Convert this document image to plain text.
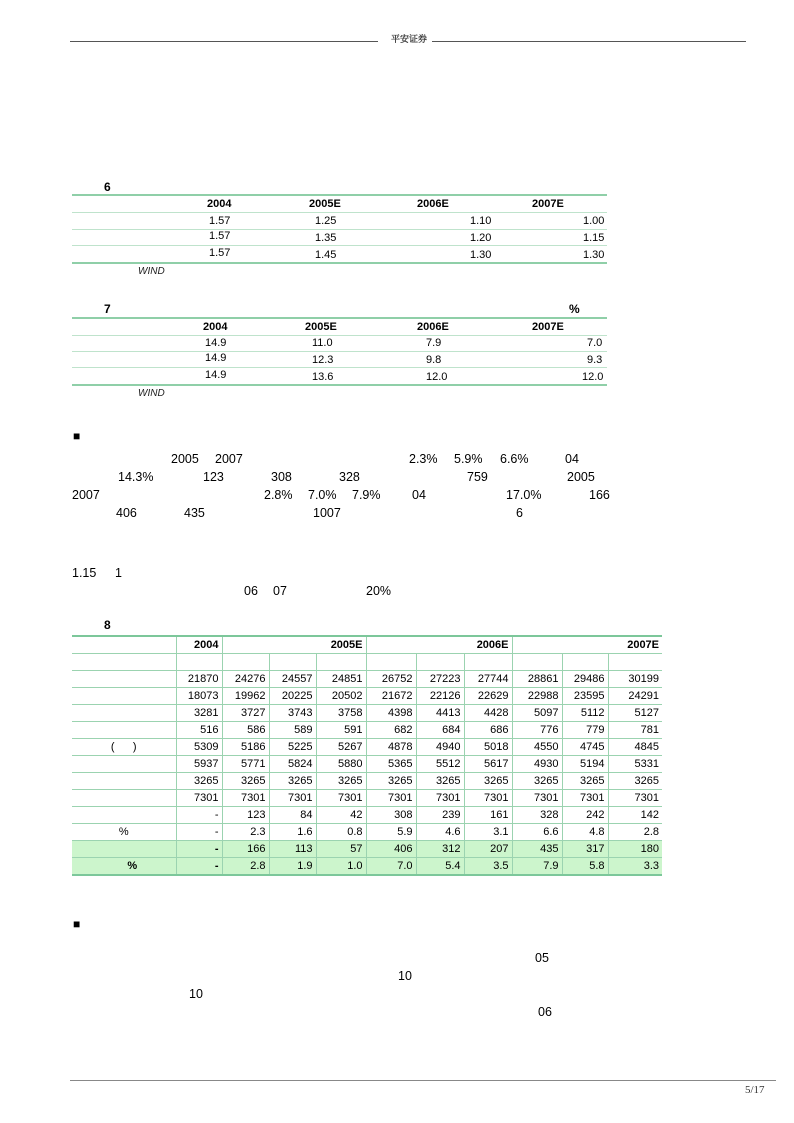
平安证券
6
2004	2005E	2006E	2007E
1.57	1.25	1.10	1.00
1.57	1.35	1.20	1.15
1.57	1.45	1.30	1.30
WIND
7	%
2004	2005E	2006E	2007E
14.9	11.0	7.9	7.0
14.9	12.3	9.8	9.3
14.9	13.6	12.0	12.0
WIND
■
2005 2007	2.3% 5.9% 6.6%	04
14.3%	123	308	328	759	2005
2007	2.8% 7.0% 7.9%	04	17.0%	166
406	435	1007	6
1.15 1
06 07	20%
8
	2004	2005E			2006E			2007E		

	21870	24276	24557	24851	26752	27223	27744	28861	29486	30199
	18073	19962	20225	20502	21672	22126	22629	22988	23595	24291
	3281	3727	3743	3758	4398	4413	4428	5097	5112	5127
	516	586	589	591	682	684	686	776	779	781
(      )	5309	5186	5225	5267	4878	4940	5018	4550	4745	4845
	5937	5771	5824	5880	5365	5512	5617	4930	5194	5331
	3265	3265	3265	3265	3265	3265	3265	3265	3265	3265
	7301	7301	7301	7301	7301	7301	7301	7301	7301	7301
	-	123	84	42	308	239	161	328	242	142
%	-	2.3	1.6	0.8	5.9	4.6	3.1	6.6	4.8	2.8
	-	166	113	57	406	312	207	435	317	180
%	-	2.8	1.9	1.0	7.0	5.4	3.5	7.9	5.8	3.3
■
05
10
10
06
5/17
